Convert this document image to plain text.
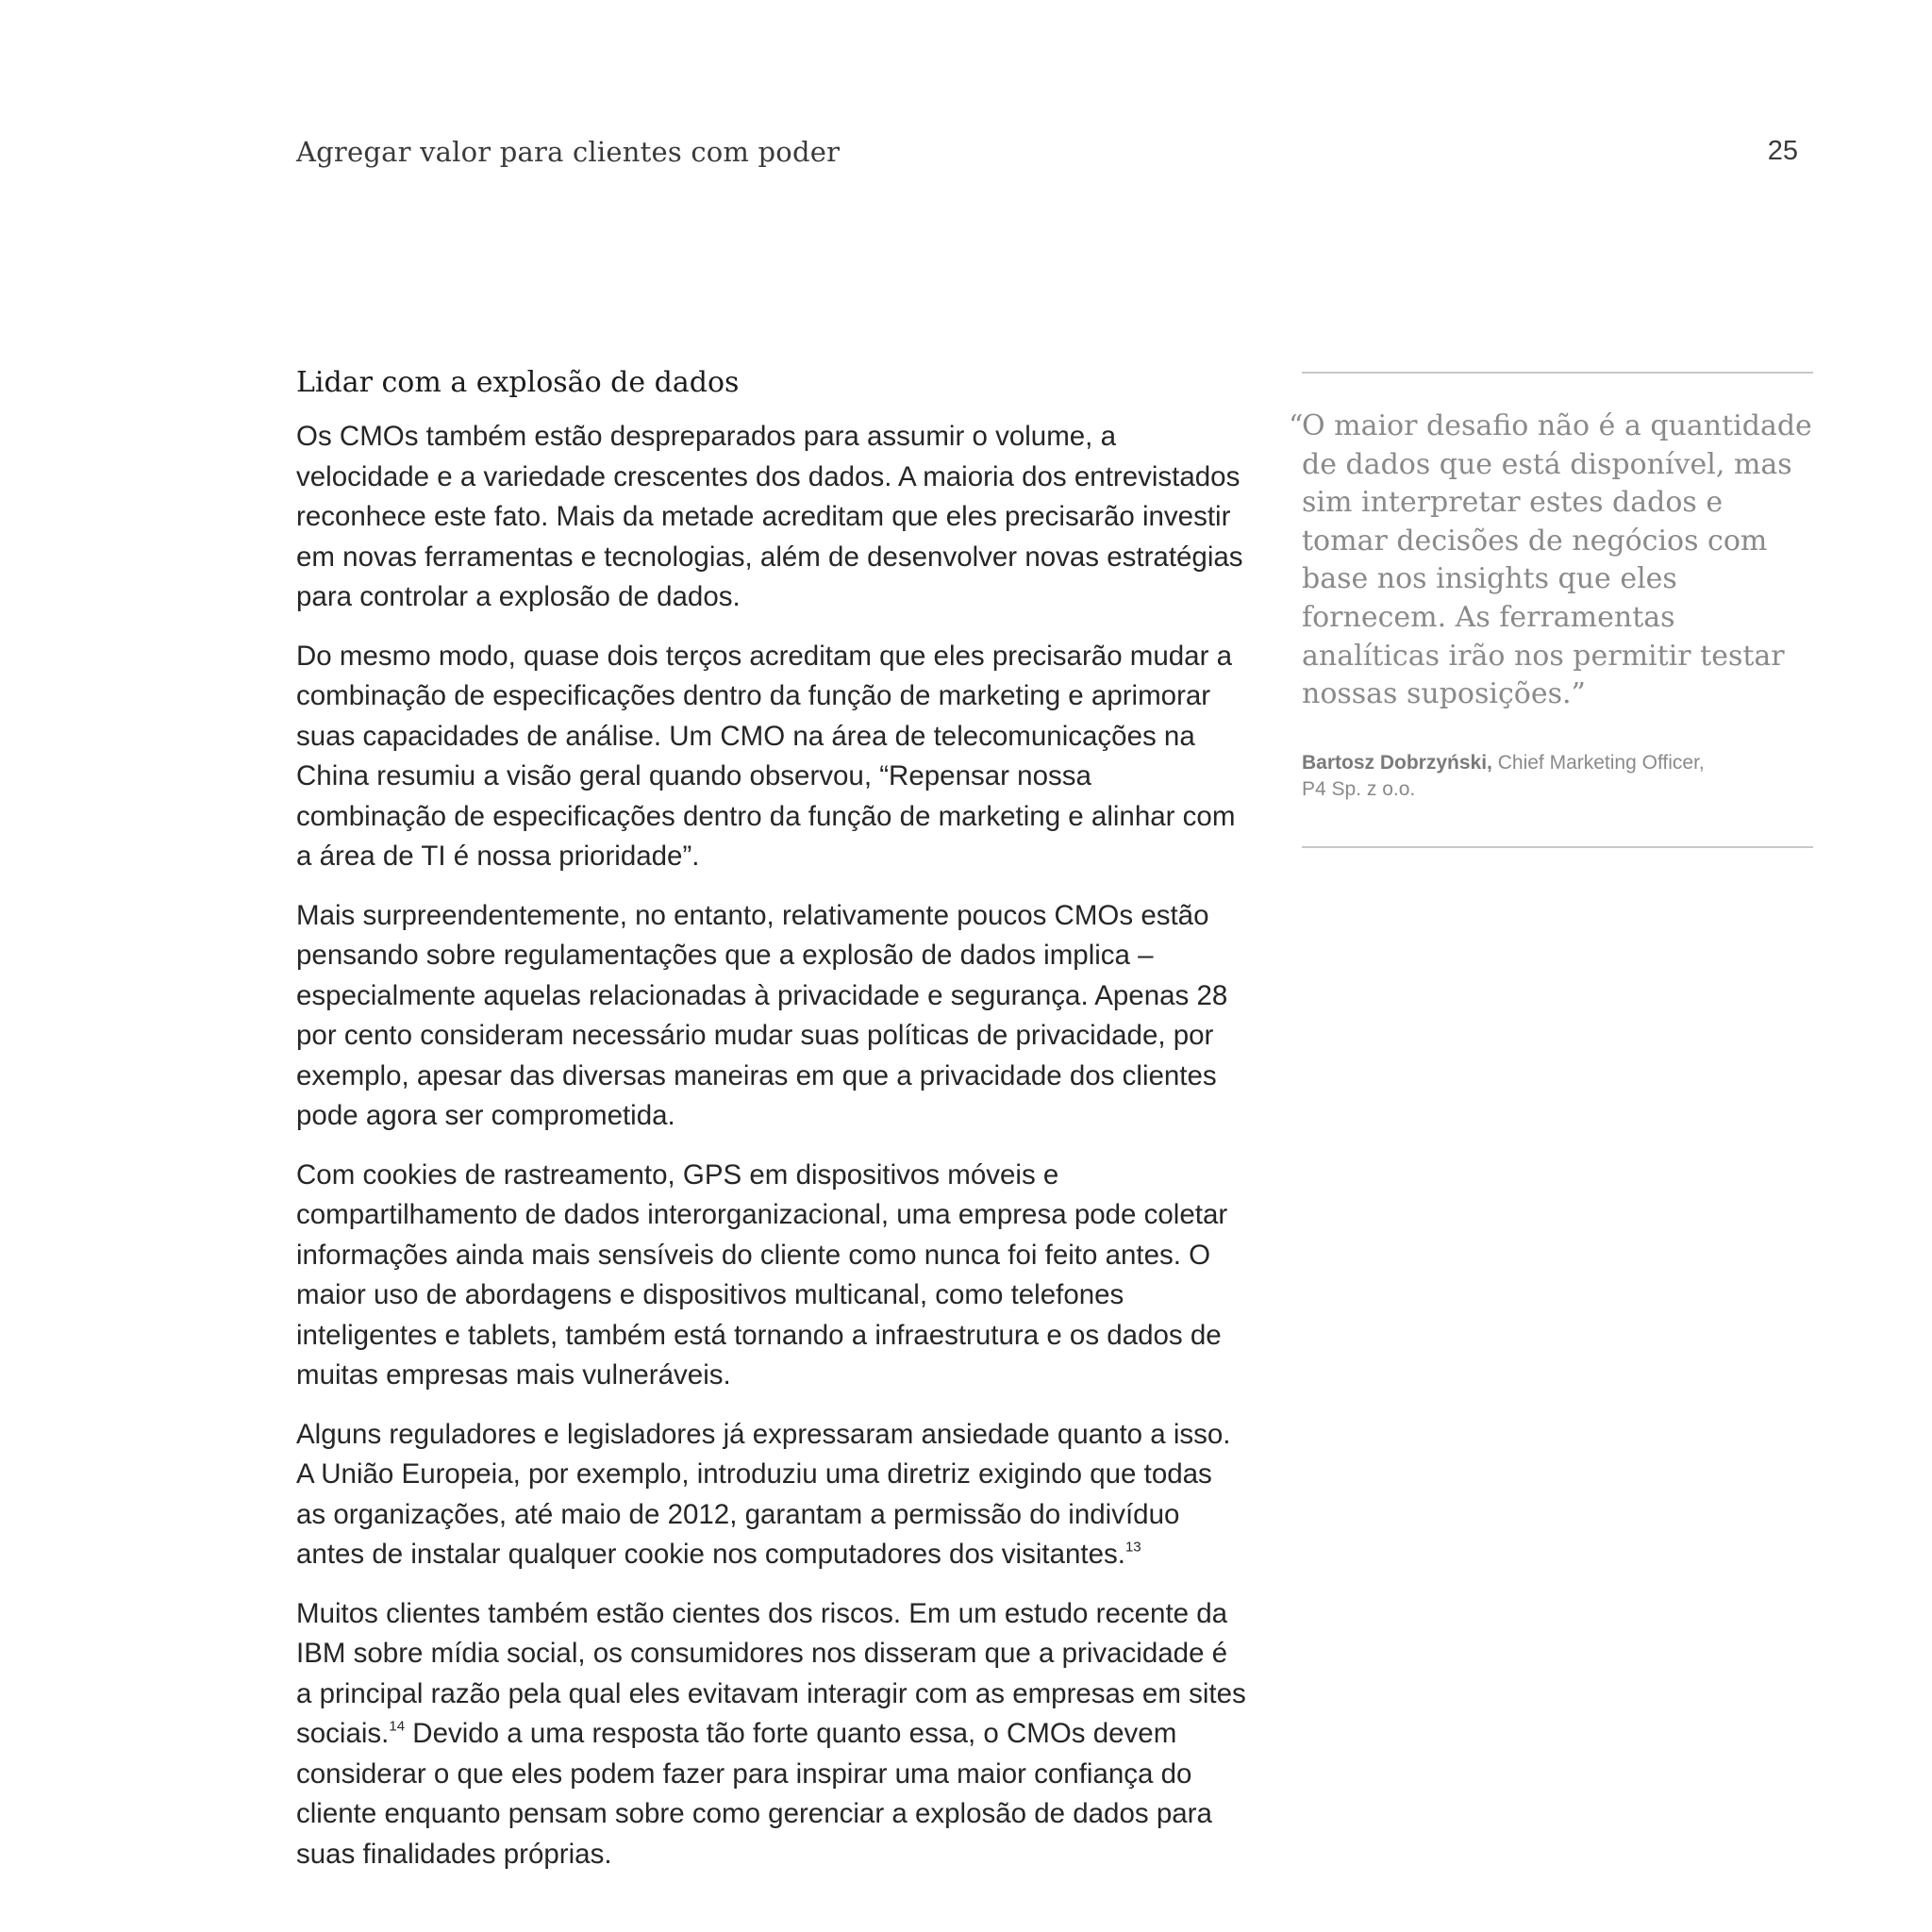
Agregar valor para clientes com poder	25
Lidar com a explosão de dados

Os CMOs também estão despreparados para assumir o volume, a velocidade e a variedade crescentes dos dados. A maioria dos entrevistados reconhece este fato. Mais da metade acreditam que eles precisarão investir em novas ferramentas e tecnologias, além de desenvolver novas estratégias para controlar a explosão de dados.

Do mesmo modo, quase dois terços acreditam que eles precisarão mudar a combinação de especificações dentro da função de marketing e aprimorar suas capacidades de análise. Um CMO na área de telecomunicações na China resumiu a visão geral quando observou, “Repensar nossa combinação de especificações dentro da função de marketing e alinhar com a área de TI é nossa prioridade”.

Mais surpreendentemente, no entanto, relativamente poucos CMOs estão pensando sobre regulamentações que a explosão de dados implica – especialmente aquelas relacionadas à privacidade e segurança. Apenas 28 por cento consideram necessário mudar suas políticas de privacidade, por exemplo, apesar das diversas maneiras em que a privacidade dos clientes pode agora ser comprometida.

Com cookies de rastreamento, GPS em dispositivos móveis e compartilhamento de dados interorganizacional, uma empresa pode coletar informações ainda mais sensíveis do cliente como nunca foi feito antes. O maior uso de abordagens e dispositivos multicanal, como telefones inteligentes e tablets, também está tornando a infraestrutura e os dados de muitas empresas mais vulneráveis.

Alguns reguladores e legisladores já expressaram ansiedade quanto a isso. A União Europeia, por exemplo, introduziu uma diretriz exigindo que todas as organizações, até maio de 2012, garantam a permissão do indivíduo antes de instalar qualquer cookie nos computadores dos visitantes.$^{13}$

Muitos clientes também estão cientes dos riscos. Em um estudo recente da IBM sobre mídia social, os consumidores nos disseram que a privacidade é a principal razão pela qual eles evitavam interagir com as empresas em sites sociais.$^{14}$ Devido a uma resposta tão forte quanto essa, o CMOs devem considerar o que eles podem fazer para inspirar uma maior confiança do cliente enquanto pensam sobre como gerenciar a explosão de dados para suas finalidades próprias.

“
O maior desafio não é a quantidade de dados que está disponível, mas sim interpretar estes dados e tomar decisões de negócios com base nos insights que eles fornecem. As ferramentas analíticas irão nos permitir testar nossas suposições.”
Bartosz Dobrzyński, Chief Marketing Officer,
P4 Sp. z o.o.
